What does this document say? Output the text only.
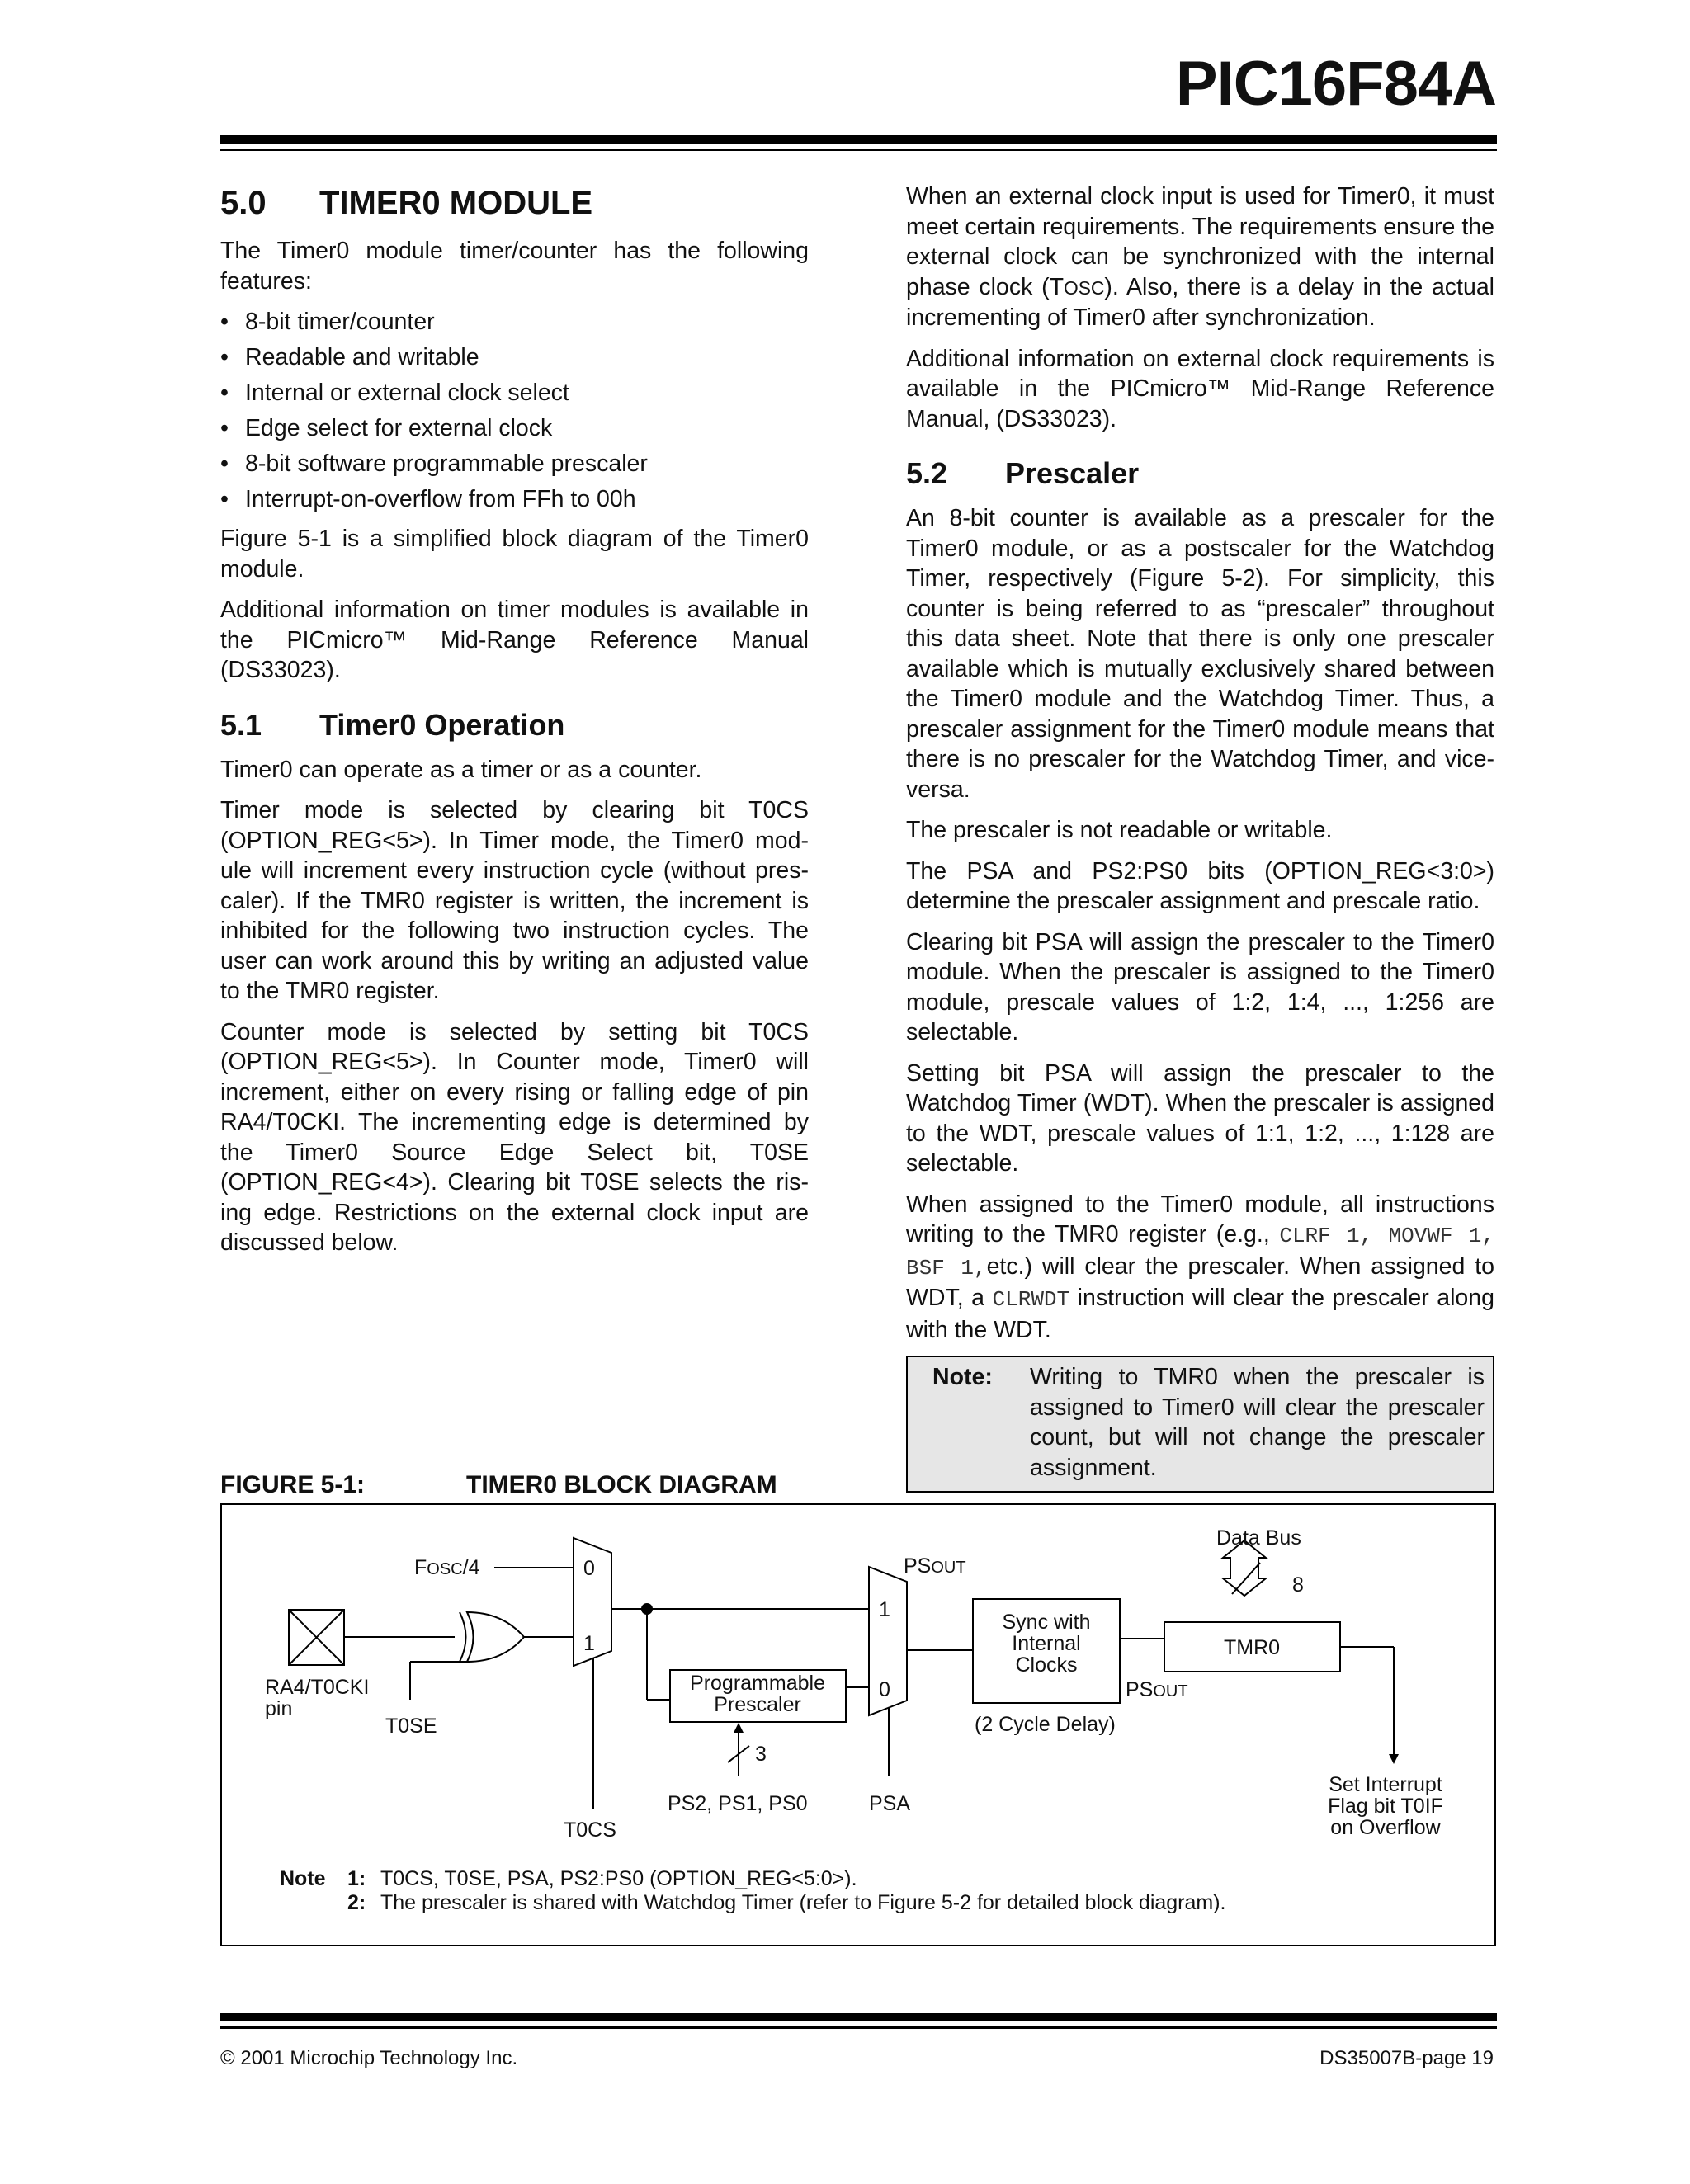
PIC16F84A
5.0 TIMER0 MODULE

The Timer0 module timer/counter has the following features:

• 8-bit timer/counter
• Readable and writable
• Internal or external clock select
• Edge select for external clock
• 8-bit software programmable prescaler
• Interrupt-on-overflow from FFh to 00h

Figure 5-1 is a simplified block diagram of the Timer0 module.

Additional information on timer modules is available in the PICmicro™ Mid-Range Reference Manual (DS33023).

5.1 Timer0 Operation

Timer0 can operate as a timer or as a counter.

Timer mode is selected by clearing bit T0CS (OPTION_REG<5>). In Timer mode, the Timer0 mod-ule will increment every instruction cycle (without pres-caler). If the TMR0 register is written, the increment is inhibited for the following two instruction cycles. The user can work around this by writing an adjusted value to the TMR0 register.

Counter mode is selected by setting bit T0CS (OPTION_REG<5>). In Counter mode, Timer0 will increment, either on every rising or falling edge of pin RA4/T0CKI. The incrementing edge is determined by the Timer0 Source Edge Select bit, T0SE (OPTION_REG<4>). Clearing bit T0SE selects the ris-ing edge. Restrictions on the external clock input are discussed below.

When an external clock input is used for Timer0, it must meet certain requirements. The requirements ensure the external clock can be synchronized with the internal phase clock (TOSC). Also, there is a delay in the actual incrementing of Timer0 after synchronization.

Additional information on external clock requirements is available in the PICmicro™ Mid-Range Reference Manual, (DS33023).

5.2 Prescaler

An 8-bit counter is available as a prescaler for the Timer0 module, or as a postscaler for the Watchdog Timer, respectively (Figure 5-2). For simplicity, this counter is being referred to as “prescaler” throughout this data sheet. Note that there is only one prescaler available which is mutually exclusively shared between the Timer0 module and the Watchdog Timer. Thus, a prescaler assignment for the Timer0 module means that there is no prescaler for the Watchdog Timer, and vice-versa.

The prescaler is not readable or writable.

The PSA and PS2:PS0 bits (OPTION_REG<3:0>) determine the prescaler assignment and prescale ratio.

Clearing bit PSA will assign the prescaler to the Timer0 module. When the prescaler is assigned to the Timer0 module, prescale values of 1:2, 1:4, ..., 1:256 are selectable.

Setting bit PSA will assign the prescaler to the Watchdog Timer (WDT). When the prescaler is assigned to the WDT, prescale values of 1:1, 1:2, ..., 1:128 are selectable.

When assigned to the Timer0 module, all instructions writing to the TMR0 register (e.g., CLRF 1, MOVWF 1, BSF 1,etc.) will clear the prescaler. When assigned to WDT, a CLRWDT instruction will clear the prescaler along with the WDT.

Note: Writing to TMR0 when the prescaler is assigned to Timer0 will clear the prescaler count, but will not change the prescaler assignment.
FIGURE 5-1:	TIMER0 BLOCK DIAGRAM
FOSC/4	0
1
RA4/T0CKI
pin
T0SE
T0CS
Programmable
Prescaler
3
PS2, PS1, PS0
1
0
PSA
PSOUT
PSOUT
Sync with
Internal
Clocks
(2 Cycle Delay)
TMR0
Data Bus
8
Set Interrupt
Flag bit T0IF
on Overflow
Note 1: T0CS, T0SE, PSA, PS2:PS0 (OPTION_REG<5:0>).
2: The prescaler is shared with Watchdog Timer (refer to Figure 5-2 for detailed block diagram).
© 2001 Microchip Technology Inc.	DS35007B-page 19
